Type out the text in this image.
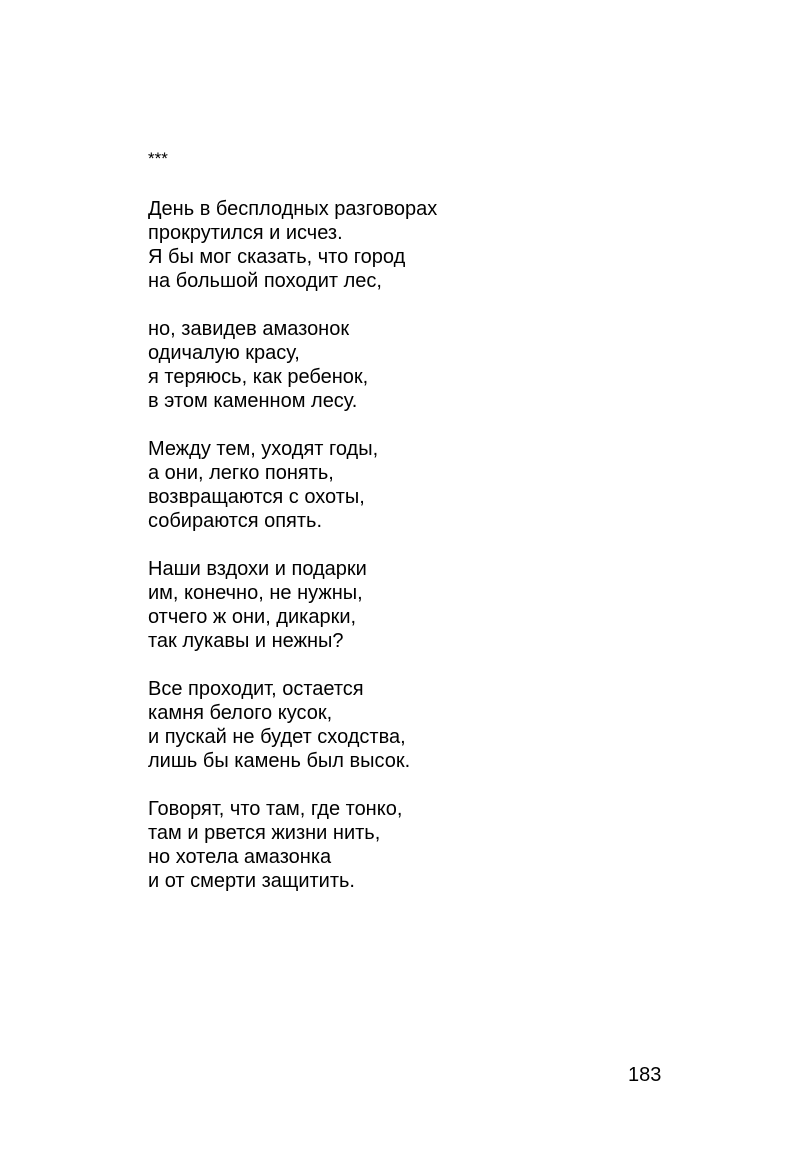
***
День в бесплодных разговорах
прокрутился и исчез.
Я бы мог сказать, что город
на большой походит лес,
но, завидев амазонок
одичалую красу,
я теряюсь, как ребенок,
в этом каменном лесу.
Между тем, уходят годы,
а они, легко понять,
возвращаются с охоты,
собираются опять.
Наши вздохи и подарки
им, конечно, не нужны,
отчего ж они, дикарки,
так лукавы и нежны?
Все проходит, остается
камня белого кусок,
и пускай не будет сходства,
лишь бы камень был высок.
Говорят, что там, где тонко,
там и рвется жизни нить,
но хотела амазонка
и от смерти защитить.
183
